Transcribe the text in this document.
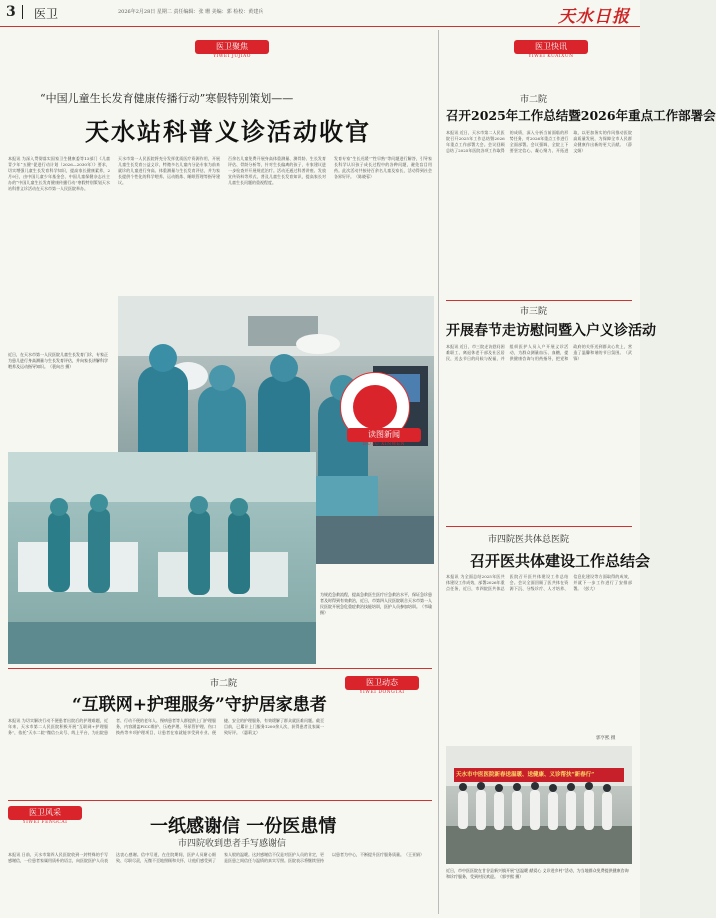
3 医卫	2026年2月28日 星期二 责任编辑：张 珊 美编：郭 检校：黄建兵	天水日报
医卫聚焦
YIWEI JUJIAO
“中国儿童生长发育健康传播行动”寒假特别策划——
天水站科普义诊活动收官
本报讯 为深入贯彻落实国家卫生健康委等13部门《儿童青少年“五健”促进行动计划（2026—2030年）》要求，切实增强儿童生长发育科学知识，提高家长健康素养，2月9日，由中国儿童少年基金会、中国儿童保健杂志社主办的“中国儿童生长发育健康传播行动”寒假特别策划天水站科普义诊活动在天水市第一人民医院举办。
天水市第一人民医院将充分发挥优质医疗资源作用，开展儿童生长发育公益义诊，特邀多名儿童内分泌专家为前来就诊的儿童进行身高、体重测量与生长发育评估，并为家长提供个性化的科学喂养、运动锻炼、睡眠管理等指导建议。
百余名儿童免费开展身高体重测量、测骨龄、生长发育评估、骨龄分析等，针对生长偏离的孩子，专家建议进一步检查并开展规范治疗。活动还通过科普讲座、发放宣传资料等形式，普及儿童生长发育知识，提高家长对儿童生长问题的重视程度。
发育专家“生长迟缓”“性早熟”等问题进行解答，引导家长科学认识孩子成长过程中的各种问题，避免盲目用药。此次活动共接待百余名儿童及家长，活动得到社会各界好评。（陈晓蓉）
近日，在天水市第一人民医院儿童生长发育门诊，专家正为患儿进行身高测量与生长发育评估，并向家长讲解科学喂养及运动指导知识。（裴向吉 摄）
读图新闻
DUTU XINWEN
为规范急救流程，提高急救医生医疗应急救治水平，保证急诊患者及时得到有效救治，近日，市第四人民医院联合天水市第一人民医院开展急危重症救治技能培训，医护人员参加培训。（韦瑜 摄）
市二院
“互联网+护理服务”守护居家患者
医卫动态
YIWEI DONGTAI
本报讯 为切实解决行动不便患者出院后的护理难题，近年来，天水市第二人民医院积极开展“互联网+护理服务”，依托“天水二院”微信公众号、线上平台，为出院患者、行动不便的老年人、慢病患者等人群提供上门护理服务，内容涵盖PICC维护、压疮护理、导尿管护理、伤口换药等多项护理项目，让患者在家就能享受到专业、便捷、安全的护理服务，有效缓解了群众就医难问题。截至目前，已累计上门服务1200余人次，获得患者及家属一致好评。（惠莉文）
医卫风采
YIWEI FENGCAI	一纸感谢信 一份医患情
市四院收到患者手写感谢信
本报讯 日前，天水市第四人民医院收到一封特殊的手写感谢信，一位患者家属用质朴的语言，向医院医护人员表达衷心感谢。信中写道，在住院期间，医护人员耐心细致、尽职尽责，无微不至地照顾和关怀，让他们感受到了家人般的温暖。这封感谢信不仅是对医护人员的肯定，更是医患之间信任与温情的真实写照。医院表示将继续坚持以患者为中心，不断提升医疗服务质量。（王亚娟）
医卫快讯
YIWEI KUAIXUN
市二院
召开2025年工作总结暨2026年重点工作部署会
本报讯 近日，天水市第二人民医院召开2025年工作总结暨2026年重点工作部署大会。会议回顾总结了2025年医院各项工作取得的成绩，深入分析当前面临的形势任务，对2026年重点工作进行全面部署。会议强调，全院上下要坚定信心、凝心聚力、开拓进取，以更加务实的作风推动医院高质量发展，为保障全市人民群众健康作出新的更大贡献。（薛文娟）
市三院
开展春节走访慰问暨入户义诊活动
本报讯 近日，市三院走访慰问困难职工、离退休老干部及社区居民，送去节日的问候与祝福，并组织医护人员入户开展义诊活动，为群众测量血压、血糖，提供健康咨询与用药指导，把党和政府的关怀送到群众心坎上，营造了温馨和谐的节日氛围。（武锋）
市四院医共体总医院
召开医共体建设工作总结会
本报讯 为全面总结2025年医共体建设工作成效，部署2026年重点任务，近日，市四院医共体总医院召开医共体建设工作总结会。会议全面回顾了医共体在资源下沉、分级诊疗、人才培养、信息化建设等方面取得的成效，并就下一步工作进行了安排部署。（彭大）
天水市中医医院新春送温暖、送健康、义诊帮扶“新春行”
近日，市中医医院在甘谷县新兴镇开展“送温暖 献爱心 义诊进乡村”活动，为当地群众免费提供健康咨询和诊疗服务，受到村民欢迎。（郭亨熙 摄）
郭亨熙 摄
